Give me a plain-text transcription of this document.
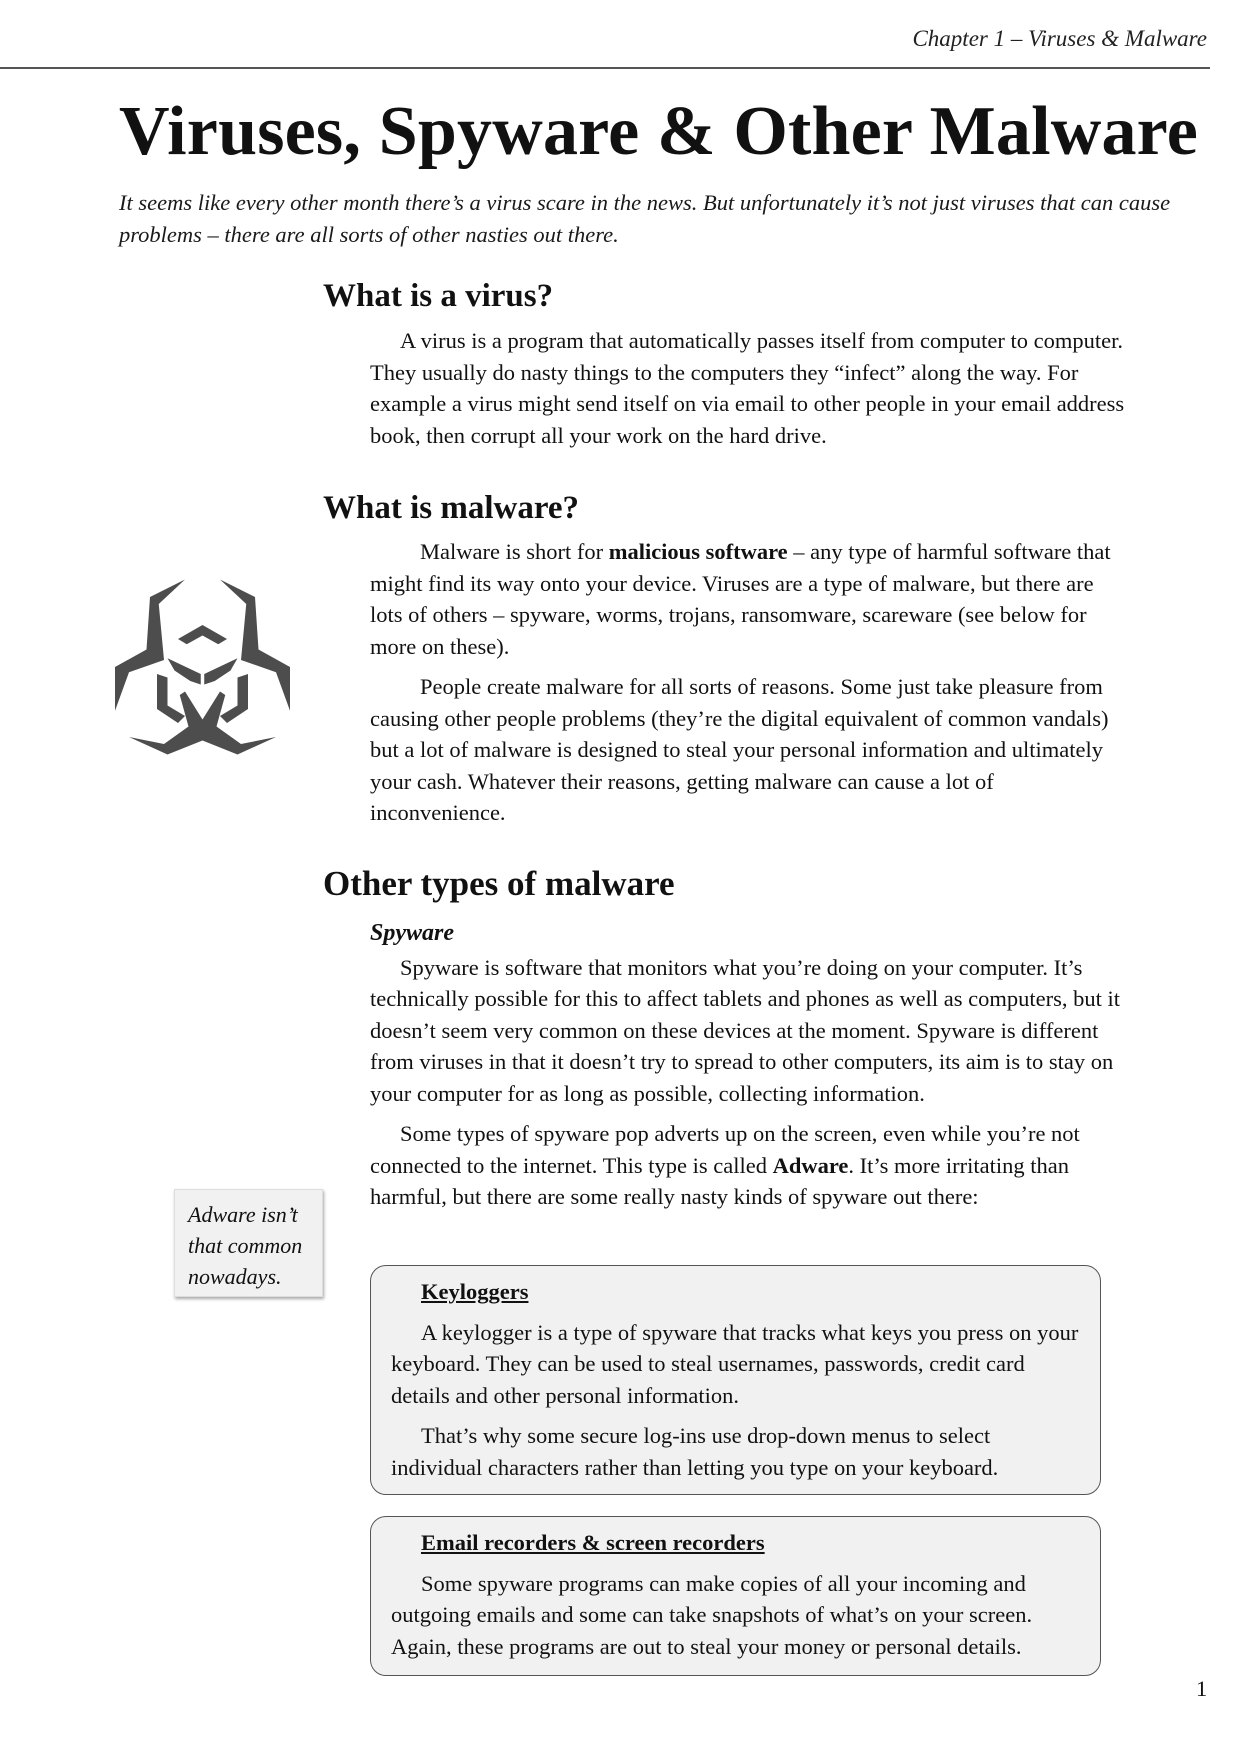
Chapter 1 – Viruses & Malware
Viruses, Spyware & Other Malware
It seems like every other month there’s a virus scare in the news. But unfortunately it’s not just viruses that can cause problems – there are all sorts of other nasties out there.
What is a virus?

A virus is a program that automatically passes itself from computer to computer. They usually do nasty things to the computers they “infect” along the way. For example a virus might send itself on via email to other people in your email address book, then corrupt all your work on the hard drive.

What is malware?

Malware is short for malicious software – any type of harmful software that might find its way onto your device. Viruses are a type of malware, but there are lots of others – spyware, worms, trojans, ransomware, scareware (see below for more on these).

People create malware for all sorts of reasons. Some just take pleasure from causing other people problems (they’re the digital equivalent of common vandals) but a lot of malware is designed to steal your personal information and ultimately your cash. Whatever their reasons, getting malware can cause a lot of inconvenience.

Other types of malware
Spyware

Spyware is software that monitors what you’re doing on your computer. It’s technically possible for this to affect tablets and phones as well as computers, but it doesn’t seem very common on these devices at the moment. Spyware is different from viruses in that it doesn’t try to spread to other computers, its aim is to stay on your computer for as long as possible, collecting information.

Some types of spyware pop adverts up on the screen, even while you’re not connected to the internet. This type is called Adware. It’s more irritating than harmful, but there are some really nasty kinds of spyware out there:

Adware isn’t that common nowadays.

Keyloggers

A keylogger is a type of spyware that tracks what keys you press on your keyboard. They can be used to steal usernames, passwords, credit card details and other personal information.

That’s why some secure log-ins use drop-down menus to select individual characters rather than letting you type on your keyboard.

Email recorders & screen recorders

Some spyware programs can make copies of all your incoming and outgoing emails and some can take snapshots of what’s on your screen. Again, these programs are out to steal your money or personal details.

1
